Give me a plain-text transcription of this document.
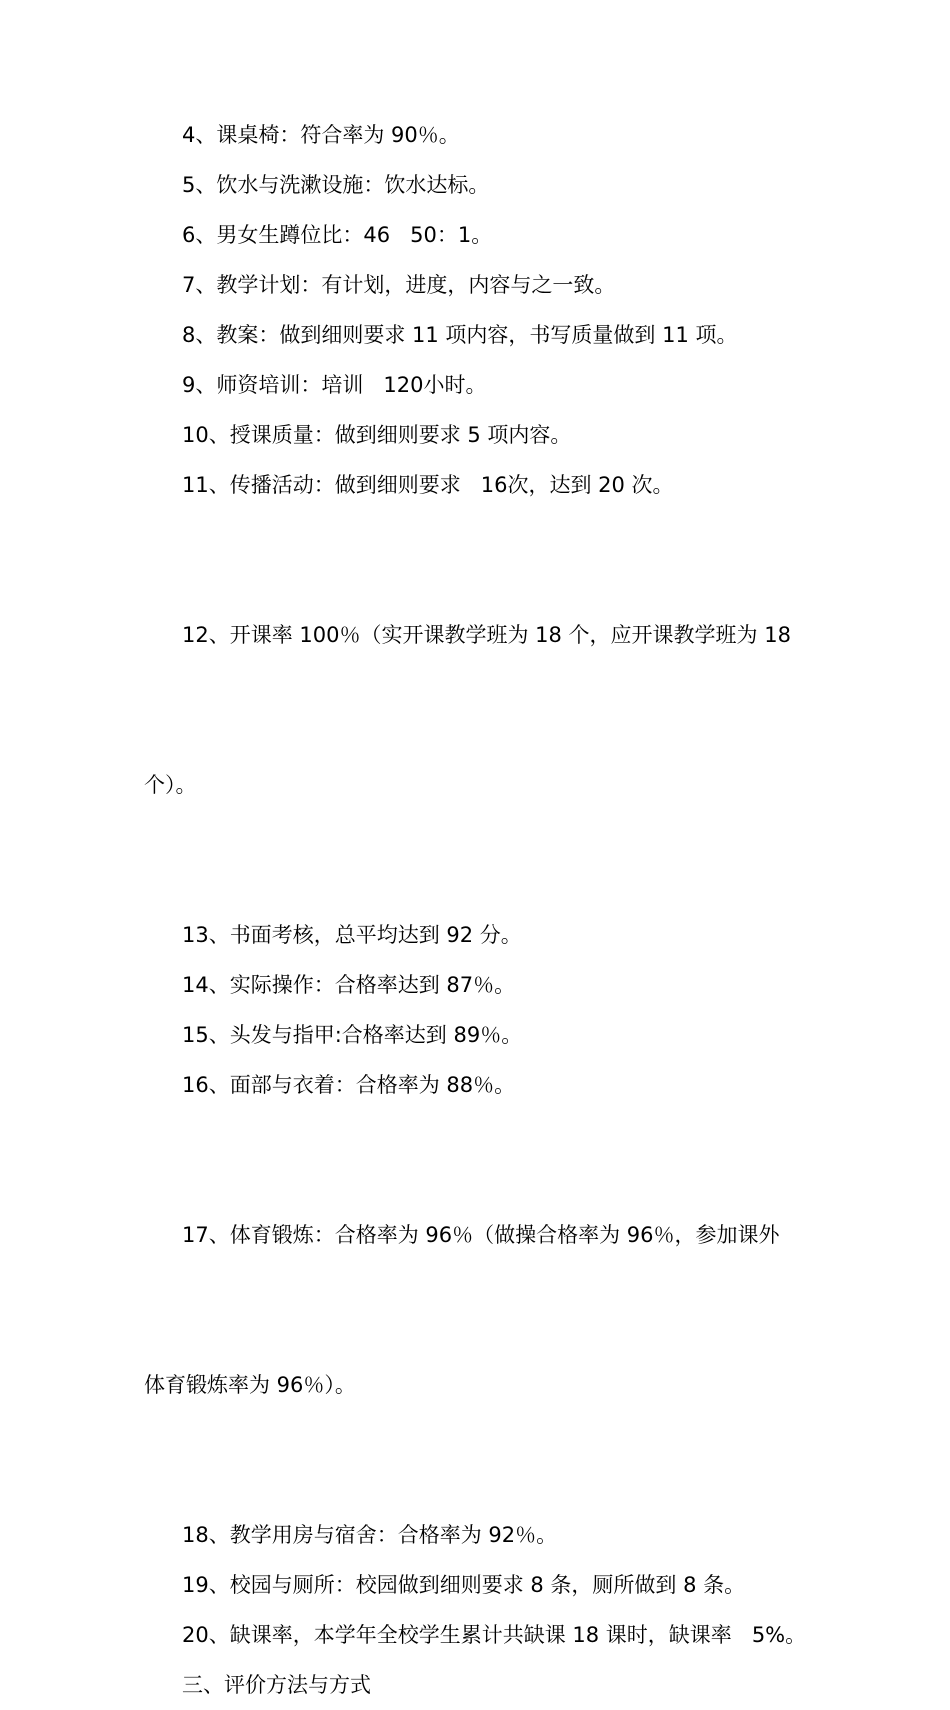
4、课桌椅：符合率为 90％。

5、饮水与洗漱设施：饮水达标。

6、男女生蹲位比：46   50：1。

7、教学计划：有计划，进度，内容与之一致。

8、教案：做到细则要求 11 项内容，书写质量做到 11 项。

9、师资培训：培训   120小时。

10、授课质量：做到细则要求 5 项内容。

11、传播活动：做到细则要求   16次，达到 20 次。

12、开课率 100％（实开课教学班为 18 个，应开课教学班为 18

个）。

13、书面考核，总平均达到 92 分。

14、实际操作：合格率达到 87％。

15、头发与指甲:合格率达到 89％。

16、面部与衣着：合格率为 88％。

17、体育锻炼：合格率为 96％（做操合格率为 96％，参加课外

体育锻炼率为 96％）。

18、教学用房与宿舍：合格率为 92％。

19、校园与厕所：校园做到细则要求 8 条，厕所做到 8 条。

20、缺课率，本学年全校学生累计共缺课 18 课时，缺课率   5%。

三、评价方法与方式
